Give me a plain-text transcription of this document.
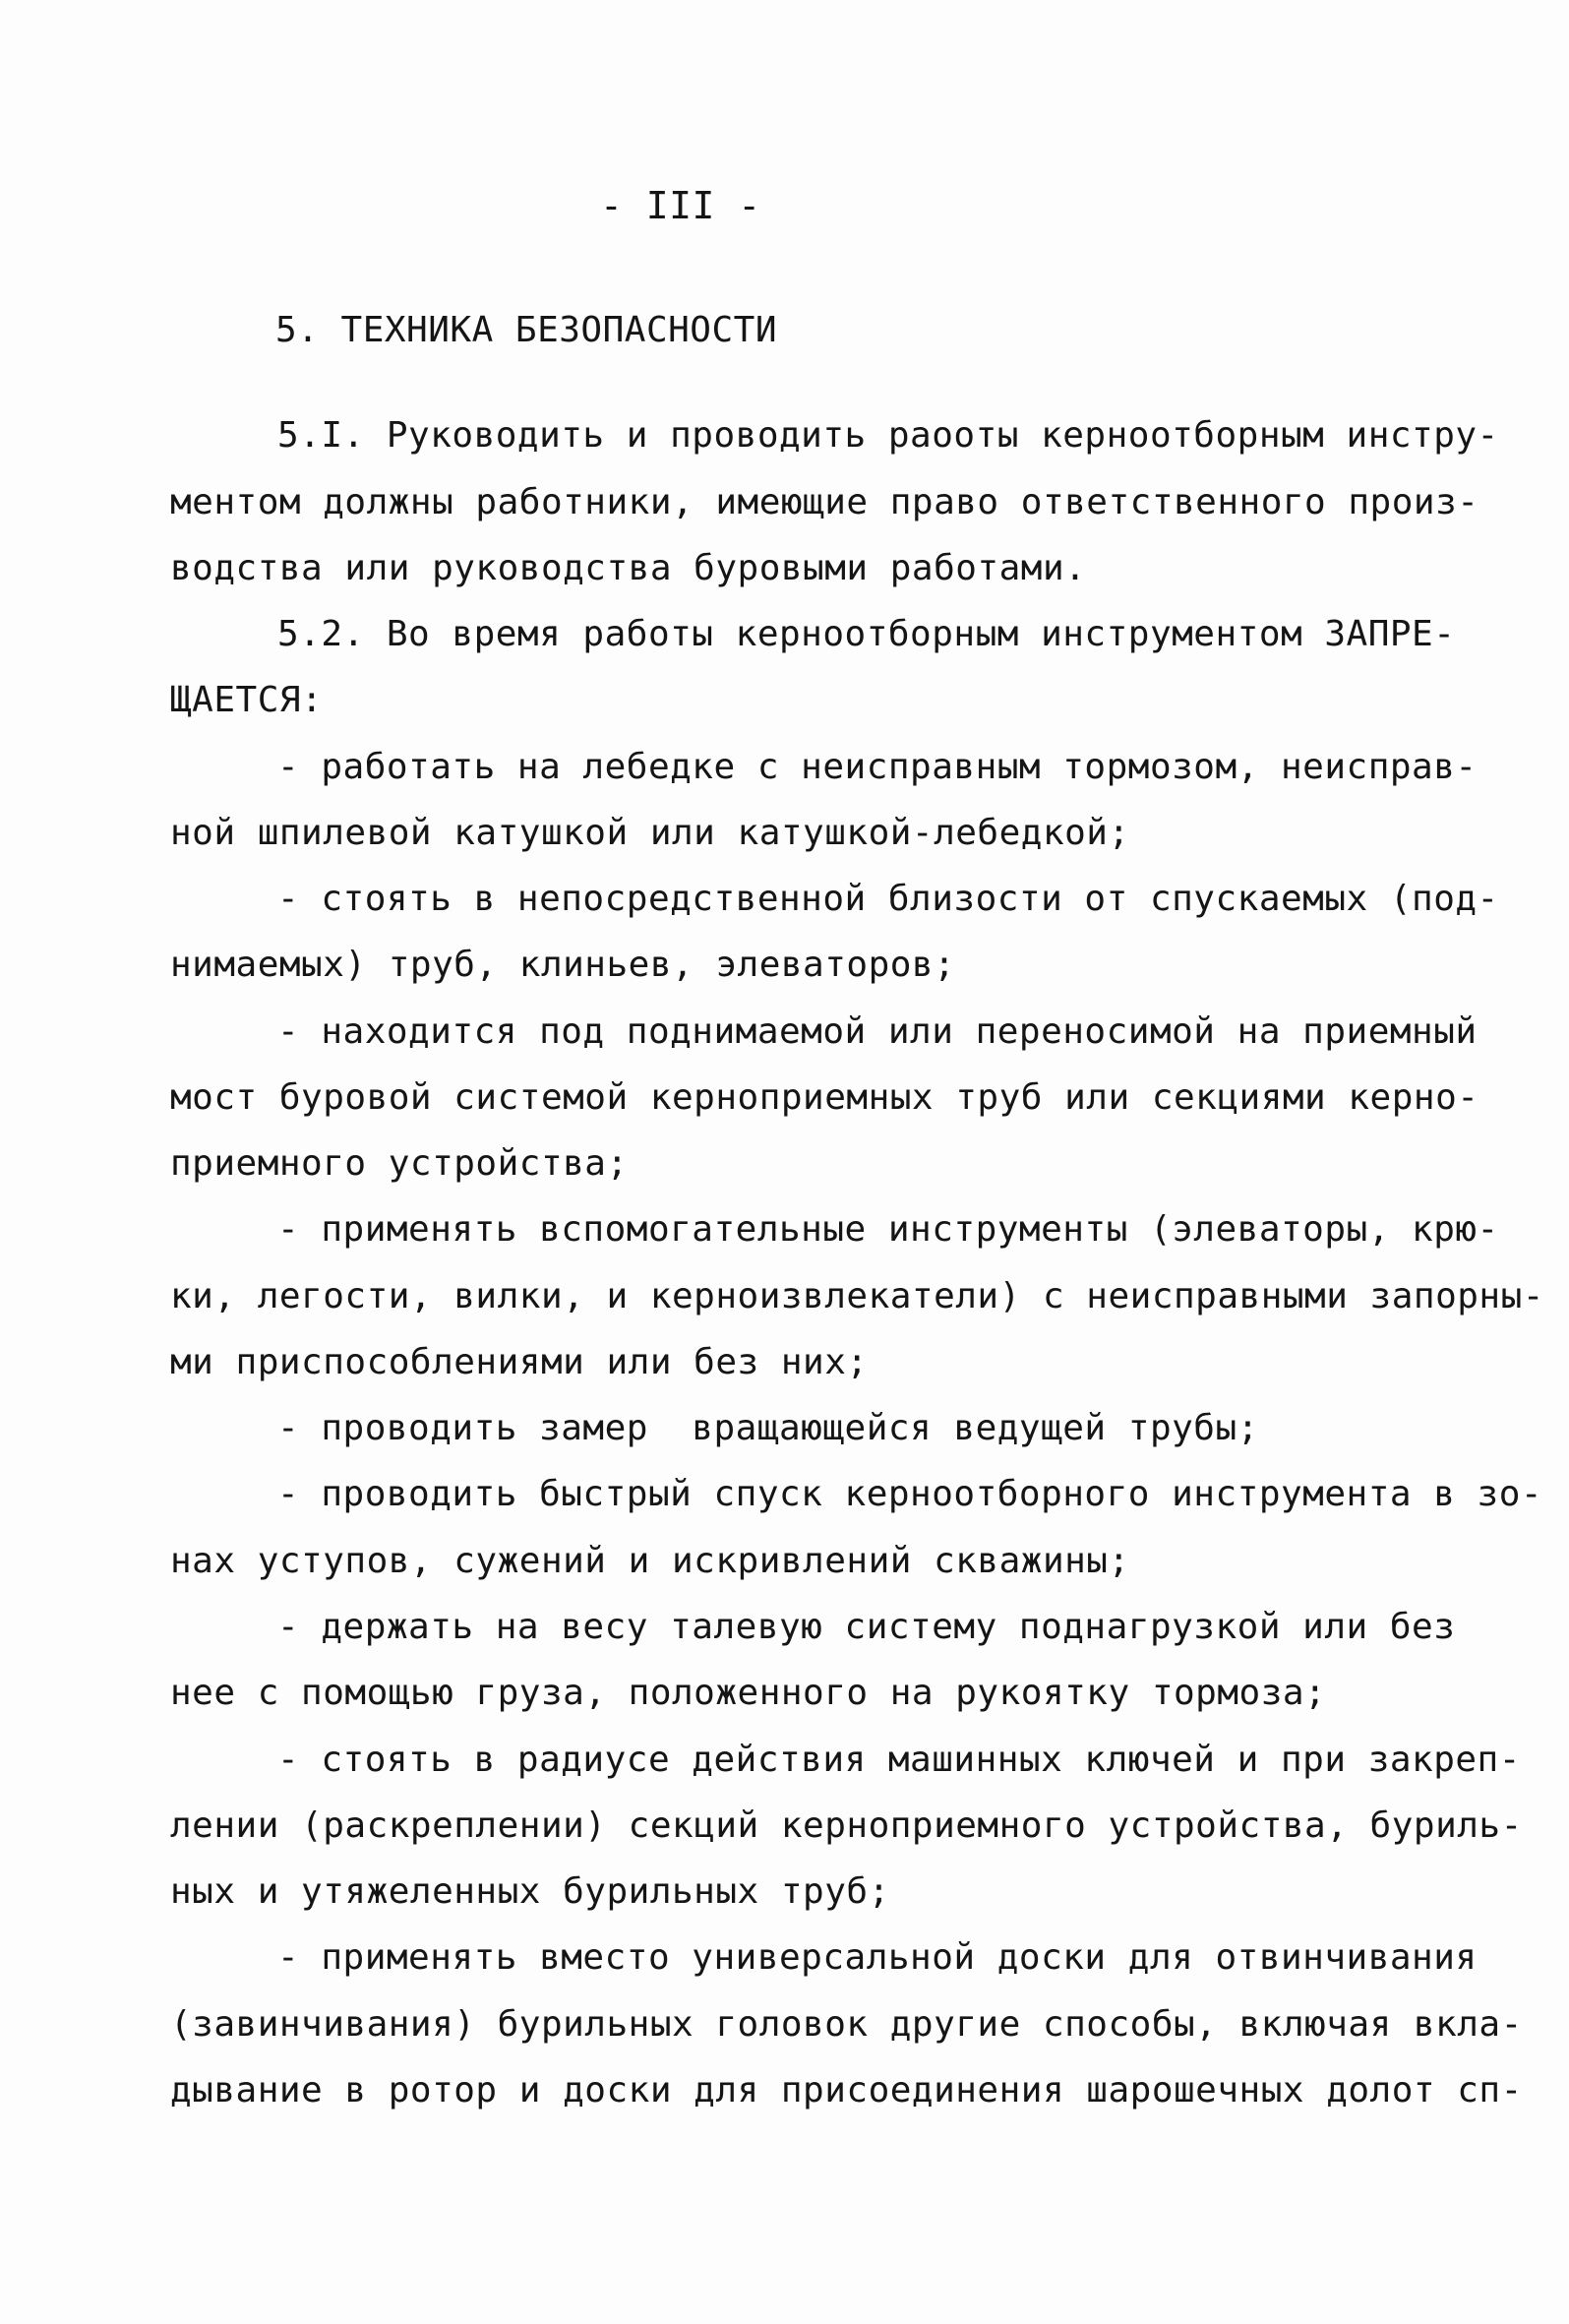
- III -
5. ТЕХНИКА БЕЗОПАСНОСТИ
5.I. Руководить и проводить раооты керноотборным инстру-
ментом должны работники, имеющие право ответственного произ-
водства или руководства буровыми работами.
5.2. Во время работы керноотборным инструментом ЗАПРЕ-
ЩАЕТСЯ:
- работать на лебедке с неисправным тормозом, неисправ-
ной шпилевой катушкой или катушкой-лебедкой;
- стоять в непосредственной близости от спускаемых (под-
нимаемых) труб, клиньев, элеваторов;
- находится под поднимаемой или переносимой на приемный
мост буровой системой керноприемных труб или секциями керно-
приемного устройства;
- применять вспомогательные инструменты (элеваторы, крю-
ки, легости, вилки, и керноизвлекатели) с неисправными запорны-
ми приспособлениями или без них;
- проводить замер  вращающейся ведущей трубы;
- проводить быстрый спуск керноотборного инструмента в зо-
нах уступов, сужений и искривлений скважины;
- держать на весу талевую систему поднагрузкой или без
нее с помощью груза, положенного на рукоятку тормоза;
- стоять в радиусе действия машинных ключей и при закреп-
лении (раскреплении) секций керноприемного устройства, буриль-
ных и утяжеленных бурильных труб;
- применять вместо универсальной доски для отвинчивания
(завинчивания) бурильных головок другие способы, включая вкла-
дывание в ротор и доски для присоединения шарошечных долот сп-
